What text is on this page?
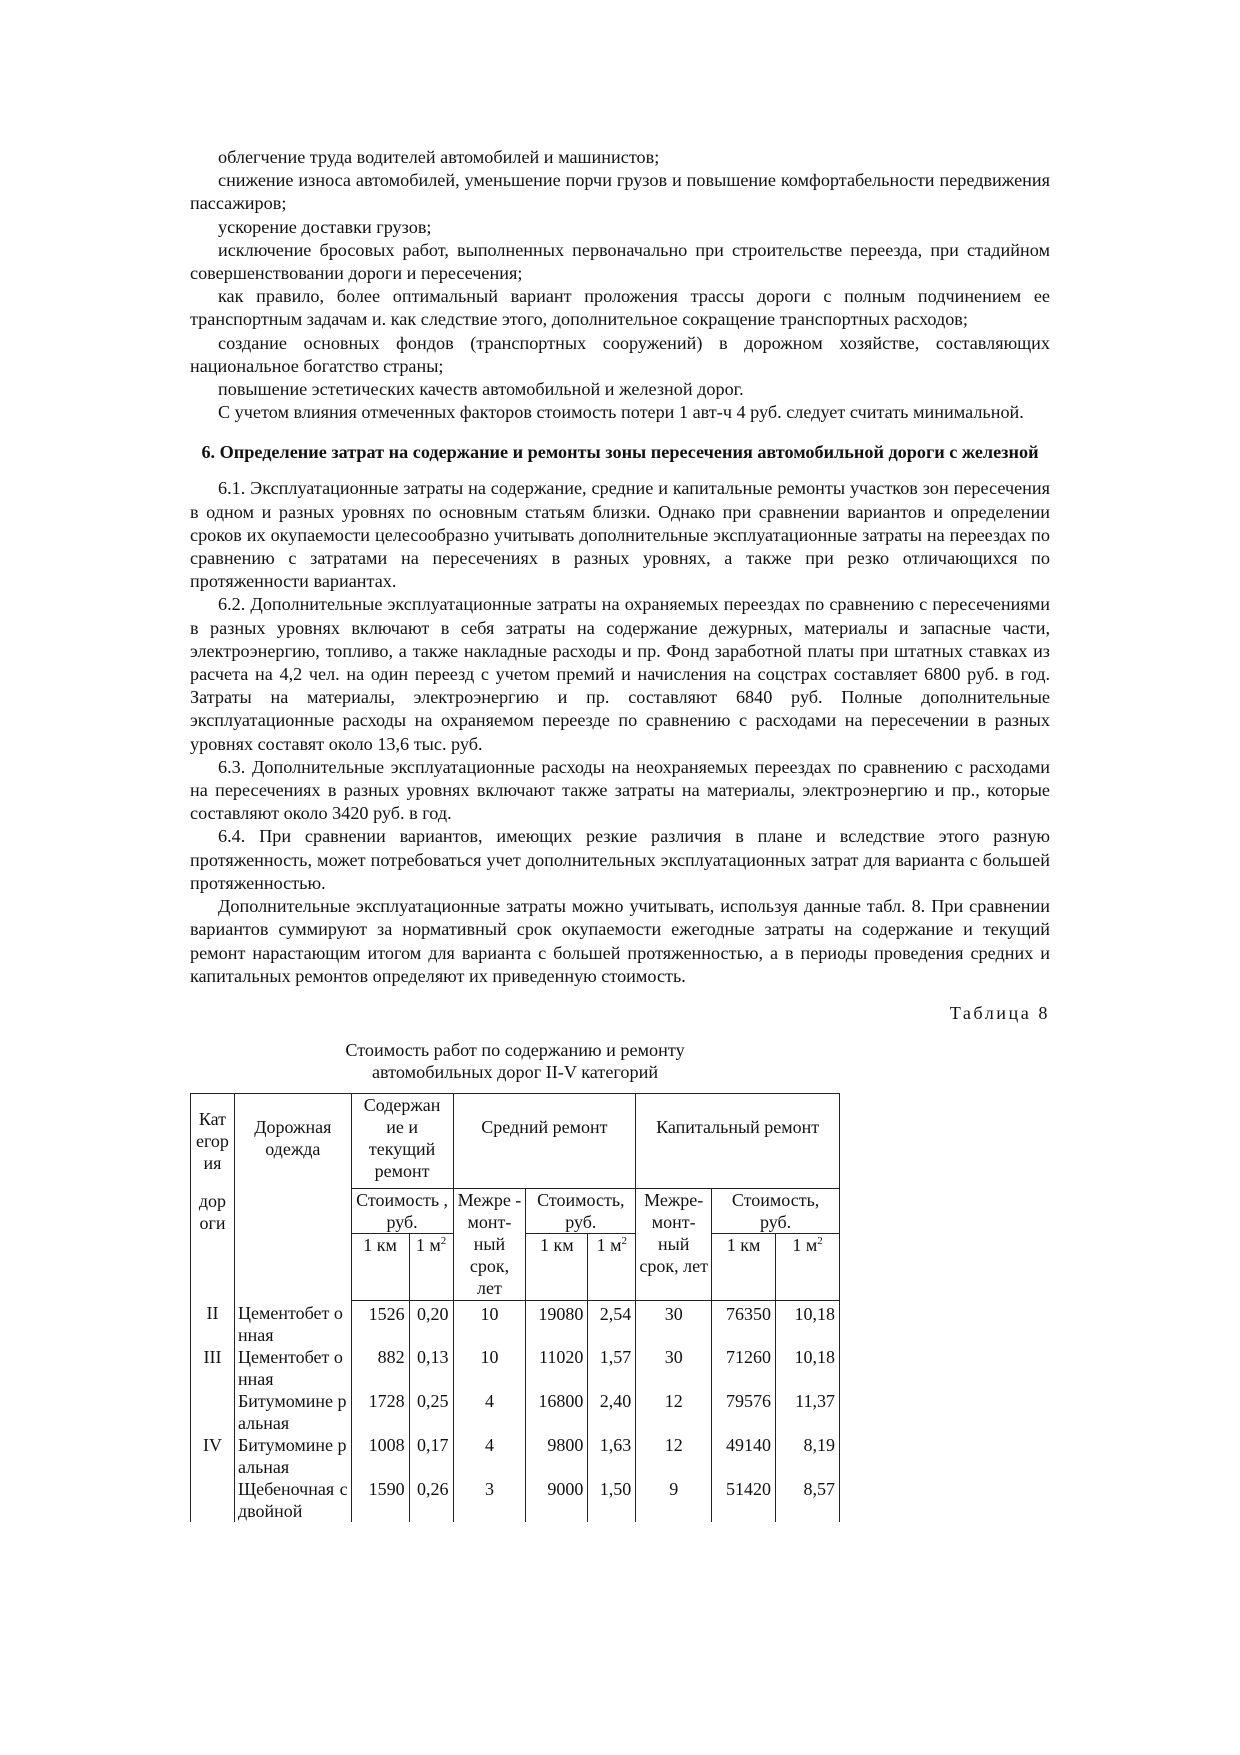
облегчение труда водителей автомобилей и машинистов;

снижение износа автомобилей, уменьшение порчи грузов и повышение комфортабельности передвижения пассажиров;

ускорение доставки грузов;

исключение бросовых работ, выполненных первоначально при строительстве переезда, при стадийном совершенствовании дороги и пересечения;

как правило, более оптимальный вариант проложения трассы дороги с полным подчинением ее транспортным задачам и. как следствие этого, дополнительное сокращение транспортных расходов;

создание основных фондов (транспортных сооружений) в дорожном хозяйстве, составляющих национальное богатство страны;

повышение эстетических качеств автомобильной и железной дорог.

С учетом влияния отмеченных факторов стоимость потери 1 авт-ч 4 руб. следует считать минимальной.

6. Определение затрат на содержание и ремонты зоны пересечения автомобильной дороги с железной

6.1. Эксплуатационные затраты на содержание, средние и капитальные ремонты участков зон пересечения в одном и разных уровнях по основным статьям близки. Однако при сравнении вариантов и определении сроков их окупаемости целесообразно учитывать дополнительные эксплуатационные затраты на переездах по сравнению с затратами на пересечениях в разных уровнях, а также при резко отличающихся по протяженности вариантах.

6.2. Дополнительные эксплуатационные затраты на охраняемых переездах по сравнению с пересечениями в разных уровнях включают в себя затраты на содержание дежурных, материалы и запасные части, электроэнергию, топливо, а также накладные расходы и пр. Фонд заработной платы при штатных ставках из расчета на 4,2 чел. на один переезд с учетом премий и начисления на соцстрах составляет 6800 руб. в год. Затраты на материалы, электроэнергию и пр. составляют 6840 руб. Полные дополнительные эксплуатационные расходы на охраняемом переезде по сравнению с расходами на пересечении в разных уровнях составят около 13,6 тыс. руб.

6.3. Дополнительные эксплуатационные расходы на неохраняемых переездах по сравнению с расходами на пересечениях в разных уровнях включают также затраты на материалы, электроэнергию и пр., которые составляют около 3420 руб. в год.

6.4. При сравнении вариантов, имеющих резкие различия в плане и вследствие этого разную протяженность, может потребоваться учет дополнительных эксплуатационных затрат для варианта с большей протяженностью.

Дополнительные эксплуатационные затраты можно учитывать, используя данные табл. 8. При сравнении вариантов суммируют за нормативный срок окупаемости ежегодные затраты на содержание и текущий ремонт нарастающим итогом для варианта с большей протяженностью, а в периоды проведения средних и капитальных ремонтов определяют их приведенную стоимость.

Таблица 8
Стоимость работ по содержанию и ремонту
автомобильных дорог II-V категорий
Кат егор ия	Дорожная одежда	Содержан ие и текущий ремонт		Средний ремонт			Капитальный ремонт		

дор оги		Стоимость , руб.		Межре - монт-	Стоимость, руб.		Межре- монт-	Стоимость, руб.	
		1 км	1 $м^2$	ный срок, лет	1 км	1 $м^2$	ный срок, лет	1 км	1 $м^2$
II	Цементобет онная	1526	0,20	10	19080	2,54	30	76350	10,18
III	Цементобет онная	882	0,13	10	11020	1,57	30	71260	10,18
	Битумомине ральная	1728	0,25	4	16800	2,40	12	79576	11,37
IV	Битумомине ральная	1008	0,17	4	9800	1,63	12	49140	8,19
	Щебеночная с двойной	1590	0,26	3	9000	1,50	9	51420	8,57
